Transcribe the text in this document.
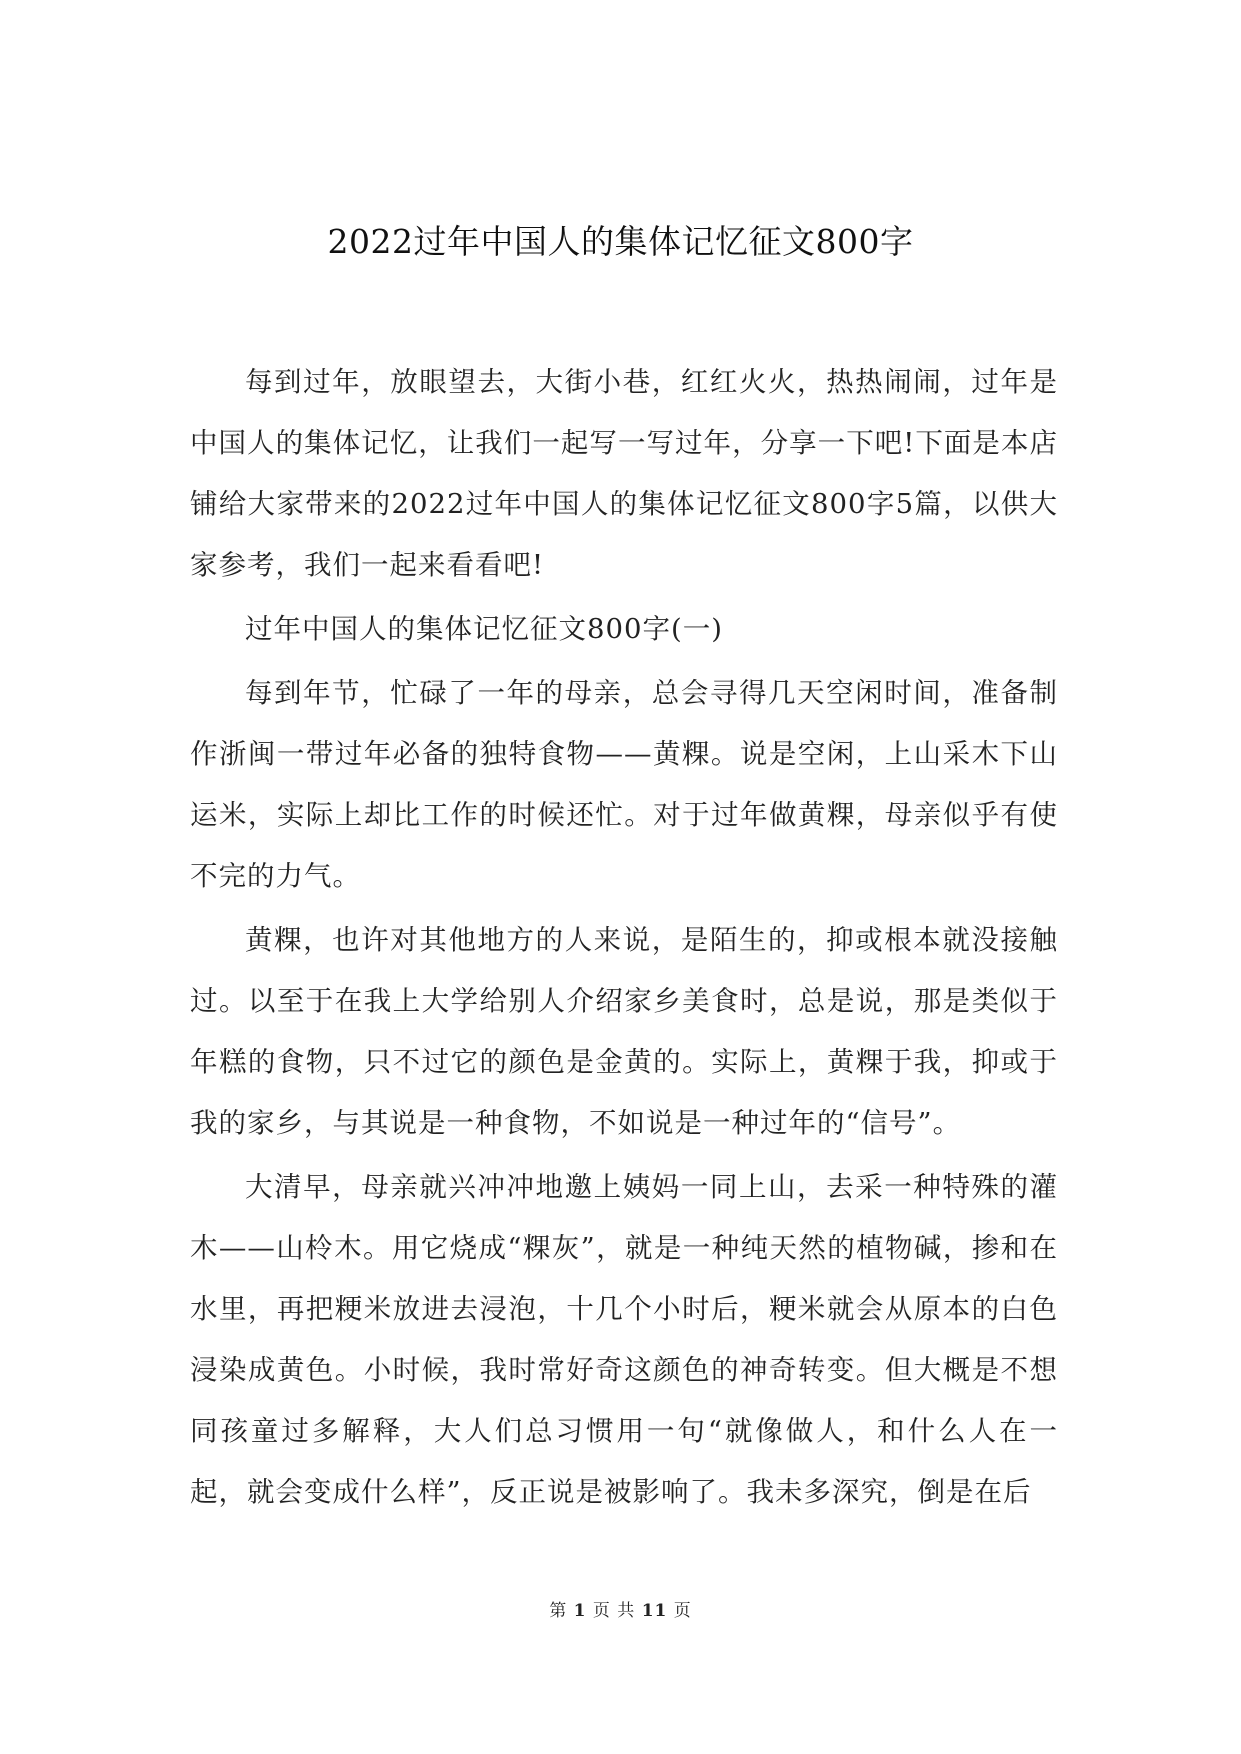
2022过年中国人的集体记忆征文800字

每到过年，放眼望去，大街小巷，红红火火，热热闹闹，过年是中国人的集体记忆，让我们一起写一写过年，分享一下吧!下面是本店铺给大家带来的2022过年中国人的集体记忆征文800字5篇，以供大家参考，我们一起来看看吧!

过年中国人的集体记忆征文800字(一)

每到年节，忙碌了一年的母亲，总会寻得几天空闲时间，准备制作浙闽一带过年必备的独特食物——黄粿。说是空闲，上山采木下山运米，实际上却比工作的时候还忙。对于过年做黄粿，母亲似乎有使不完的力气。

黄粿，也许对其他地方的人来说，是陌生的，抑或根本就没接触过。以至于在我上大学给别人介绍家乡美食时，总是说，那是类似于年糕的食物，只不过它的颜色是金黄的。实际上，黄粿于我，抑或于我的家乡，与其说是一种食物，不如说是一种过年的“信号”。

大清早，母亲就兴冲冲地邀上姨妈一同上山，去采一种特殊的灌木——山柃木。用它烧成“粿灰”，就是一种纯天然的植物碱，掺和在水里，再把粳米放进去浸泡，十几个小时后，粳米就会从原本的白色浸染成黄色。小时候，我时常好奇这颜色的神奇转变。但大概是不想同孩童过多解释，大人们总习惯用一句“就像做人，和什么人在一起，就会变成什么样”，反正说是被影响了。我未多深究，倒是在后

第 1 页 共 11 页
